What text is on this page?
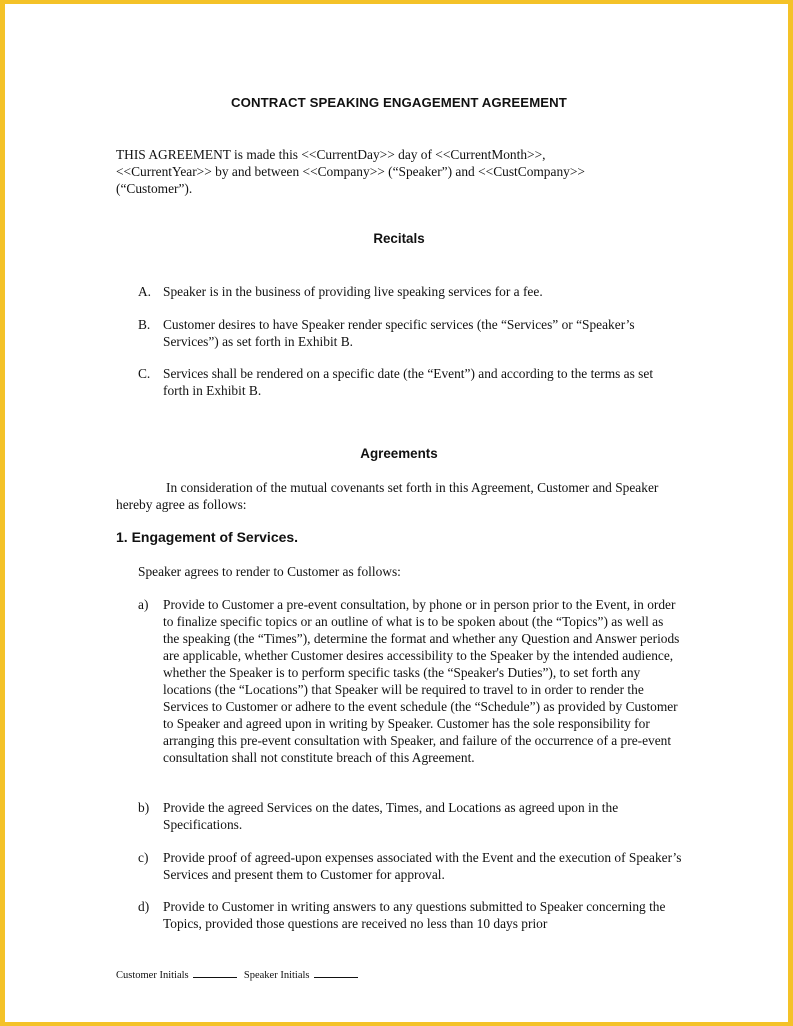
CONTRACT SPEAKING ENGAGEMENT AGREEMENT

THIS AGREEMENT is made this <<CurrentDay>> day of <<CurrentMonth>>, <<CurrentYear>> by and between <<Company>> (“Speaker”) and <<CustCompany>> (“Customer”).

Recitals
A. Speaker is in the business of providing live speaking services for a fee.
B. Customer desires to have Speaker render specific services (the “Services” or “Speaker’s Services”) as set forth in Exhibit B.
C. Services shall be rendered on a specific date (the “Event”) and according to the terms as set forth in Exhibit B.
Agreements

In consideration of the mutual covenants set forth in this Agreement, Customer and Speaker hereby agree as follows:

1. Engagement of Services.

Speaker agrees to render to Customer as follows:

a)	Provide to Customer a pre-event consultation, by phone or in person prior to the Event, in order to finalize specific topics or an outline of what is to be spoken about (the “Topics”) as well as the speaking (the “Times”), determine the format and whether any Question and Answer periods are applicable, whether Customer desires accessibility to the Speaker by the intended audience, whether the Speaker is to perform specific tasks (the “Speaker's Duties”), to set forth any locations (the “Locations”) that Speaker will be required to travel to in order to render the Services to Customer or adhere to the event schedule (the “Schedule”) as provided by Customer to Speaker and agreed upon in writing by Speaker. Customer has the sole responsibility for arranging this pre-event consultation with Speaker, and failure of the occurrence of a pre-event consultation shall not constitute breach of this Agreement.
b)	Provide the agreed Services on the dates, Times, and Locations as agreed upon in the Specifications.
c)	Provide proof of agreed-upon expenses associated with the Event and the execution of Speaker’s Services and present them to Customer for approval.
d)	Provide to Customer in writing answers to any questions submitted to Speaker concerning the Topics, provided those questions are received no less than 10 days prior

Customer Initials	Speaker Initials
